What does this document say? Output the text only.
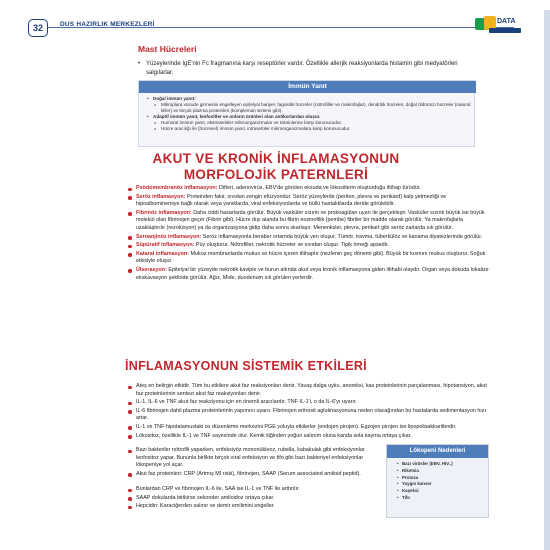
32	DUS HAZIRLIK MERKEZLERİ	DATA
Mast Hücreleri
• Yüzeylerinde IgE'nin Fc fragmanına karşı reseptörler vardır. Özellikle allerjik reaksiyonlarda histamin gibi medyatörleri salgılarlar.
İmmün Yanıt
• Doğal immün yanıt:
o Mikroplara vücude girmesini engelleyen epitelyal bariyer, fagositik hücreler (nötrofiller ve makrofajlar), dendritik hücreler, doğal öldürücü hücreler (natural killer) ve birçok plazma proteinleri (kompleman sistemi gibi).
• Adaptif immün yanıt, lenfositler ve onların ürünleri olan antikorlardan oluşur.
o Humoral immün yanıt, ekstraselüler mikroorganizmalar ve toksinlerine karşı korunucudur.
o Hücre aracılığı ile (hücresel) immün yanıt, intraselüler mikroorganizmalara karşı korunucudur.
AKUT VE KRONİK İNFLAMASYONUN
MORFOLOJİK PATERNLERİ
Psödomembranöz inflamasyon: Difteri, adenovirüs, EBV'de görülen eksuda ve lökositlerin oluşturduğu iltihap türüdür.
Seröz inflamasyon: Proteinden fakir, sıvıdan zengin efüzyondur. Seröz yüzeylerde (periton, plevra ve perikard) kalp yetmezliği ve hipoalbuminemiye bağlı olarak veya yanıklarda, viral enfeksiyonlarda ve büllü hastalıklarda deride görülebilir.
Fibrinöz inflamasyon: Daha ciddi hasarlarda görülür. Büyük vasküler sızıntı ve prokoagülan uyarı ile gerçekleşir. Vasküler sızıntı büyük ise büyük molekül olan fibrinojen geçer (Fibrin gibi). Hücre dışı alanda bu fibrin eozinofilik (pembe) fibriler bir madde olarak görülür. Ya makrofajlarla uzaklaştırılır (rezolüsyon) ya da organizasyona gidip daha sonra skarlaşır. Menenksler, plevra, perikart gibi seröz zarlarda sık görülür.
Seroanjinöz inflamasyon: Seröz inflamasyonla beraber ortamda büyük ven oluşur. Tümör, travma, tüberkülöz ve kanama diyatezlerinde görülür.
Süpüratif inflamasyon: Püy oluşturur. Nötrofiller, nekrotik hücreler ve sıvıdan oluşur. Tipik örneği apsedir.
Kataral inflamasyon: Mukoz membranlarda mukus ve hücre içeren iltihaptır (nezlenin geç dönemi gibi). Büyük bir kısmını mukus oluşturur. Soğuk etkisiyle oluşur.
Ülserasyon: Epitelyal bir yüzeyde nekrotik kaviple ve burun altında akut veya kronik inflamasyona giden iltihabi olaydır. Organ veya dokuda lokalize ekskavasyon şeklinde görülür. Ağız, Mide, duodenum sık görülen yerlerdir.
İNFLAMASYONUN SİSTEMİK ETKİLERİ
Ateş en belirgin etkidir. Tüm bu etkilere akut faz reaksiyonları denir. Yavaş dalga uyku, anoreksi, kas proteinlerinin parçalanması, hipotansiyon, akut faz proteinlerinin sentezi akut faz reaksiyonları denir.
IL-1, IL-6 ve TNF akut faz reaksiyonu için en önemli aracılardır. TNF IL-1'i, o da IL-6'yı uyarır.
IL-6 fibrinojen dahil plazma proteinlerinin yapımını uyarır. Fibrinojen eritrosit aglutinasyonuna neden olacağından bu hastalarda sedimentasyon hızı artar.
IL-1 ve TNF hipotalamustaki ısı düzenleme merkezini PGE yoluyla etkilerler (endojen pirojen). Egzojen pirojen ise lipopolisakkaritlerdir.
Lökositoz, özellikle IL-1 ve TNF sayesinde olur. Kemik iliğinden yoğun salınım oluna kanda sola kayma ortaya çıkar.
Bazı bakteriler nötrofili yaparken, enfeksiyöz mononükleoz, rubella, kabakulak gibi enfeksiyonlar lenfositoz yapar. Bununla birlikte birçok viral enfeksiyon ve tifo gibi bazı bakteriyel enfeksiyonlar lökopeniye yol açar.
Akut faz proteinleri: CRP (Artmış MI riski), fibrinojen, SAAP (Serum associated amiloid peptid).
Bunlardan CRP ve fibrinojen IL-6 ile, SAA ise IL-1 ve TNF ile arttırılır.
SAAP dokularda birikirse sekonder amiloidoz ortaya çıkar.
Hepcidin: Karaciğerden salınır ve demir emilimini engeller.
Lökopeni Nedenleri
• Bazı virüsler (EBV, HIV..)
• Riketsia
• Protoza
• Yaygın kanser
• Kaşeksi
• Tifo
